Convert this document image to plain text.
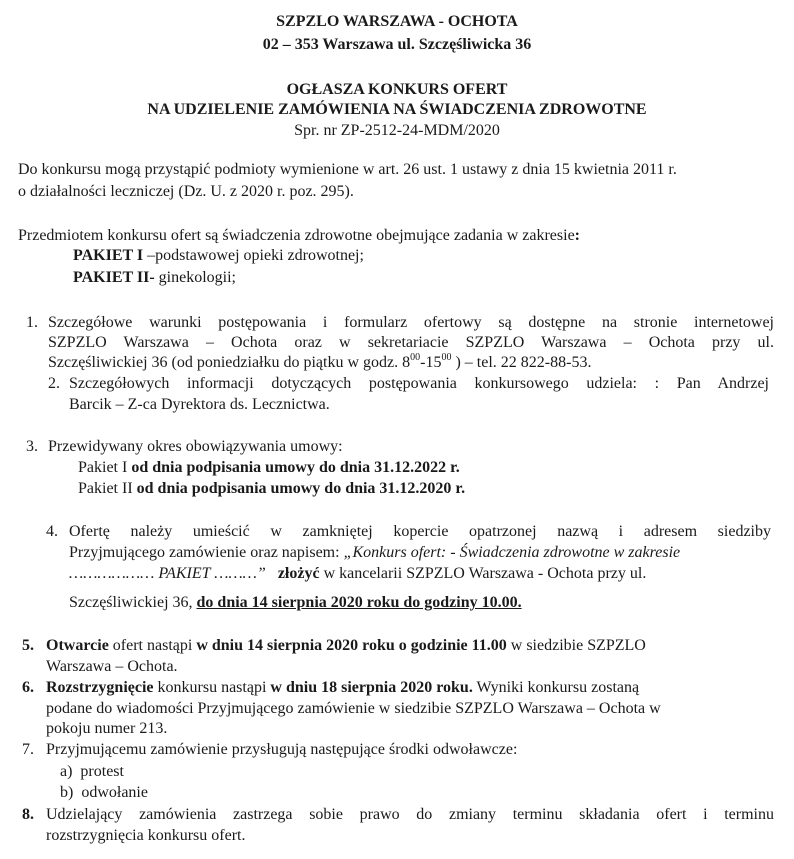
SZPZLO WARSZAWA - OCHOTA
02 – 353 Warszawa ul. Szczęśliwicka 36
OGŁASZA KONKURS OFERT
NA UDZIELENIE ZAMÓWIENIA NA ŚWIADCZENIA ZDROWOTNE
Spr. nr ZP-2512-24-MDM/2020
Do konkursu mogą przystąpić podmioty wymienione w art. 26 ust. 1 ustawy z dnia 15 kwietnia 2011 r.
o działalności leczniczej (Dz. U. z 2020 r. poz. 295).
Przedmiotem konkursu ofert są świadczenia zdrowotne obejmujące zadania w zakresie:
PAKIET I –podstawowej opieki zdrowotnej;
PAKIET II- ginekologii;
1. Szczegółowe warunki postępowania i formularz ofertowy są dostępne na stronie internetowej
SZPZLO Warszawa – Ochota oraz w sekretariacie SZPZLO Warszawa – Ochota przy ul.
Szczęśliwickiej 36 (od poniedziałku do piątku w godz. $8^{00}-15^{00}$ ) – tel. 22 822-88-53.
2. Szczegółowych informacji dotyczących postępowania konkursowego udziela: : Pan Andrzej
Barcik – Z-ca Dyrektora ds. Lecznictwa.
3. Przewidywany okres obowiązywania umowy:
Pakiet I od dnia podpisania umowy do dnia 31.12.2022 r.
Pakiet II od dnia podpisania umowy do dnia 31.12.2020 r.
4. Ofertę należy umieścić w zamkniętej kopercie opatrzonej nazwą i adresem siedziby
Przyjmującego zamówienie oraz napisem: „Konkurs ofert: - Świadczenia zdrowotne w zakresie
……………… PAKIET ………” złożyć w kancelarii SZPZLO Warszawa - Ochota przy ul.
Szczęśliwickiej 36, do dnia 14 sierpnia 2020 roku do godziny 10.00.
5. Otwarcie ofert nastąpi w dniu 14 sierpnia 2020 roku o godzinie 11.00 w siedzibie SZPZLO
Warszawa – Ochota.
6. Rozstrzygnięcie konkursu nastąpi w dniu 18 sierpnia 2020 roku. Wyniki konkursu zostaną
podane do wiadomości Przyjmującego zamówienie w siedzibie SZPZLO Warszawa – Ochota w
pokoju numer 213.
7. Przyjmującemu zamówienie przysługują następujące środki odwoławcze:
a)  protest
b)  odwołanie
8. Udzielający zamówienia zastrzega sobie prawo do zmiany terminu składania ofert i terminu
rozstrzygnięcia konkursu ofert.
